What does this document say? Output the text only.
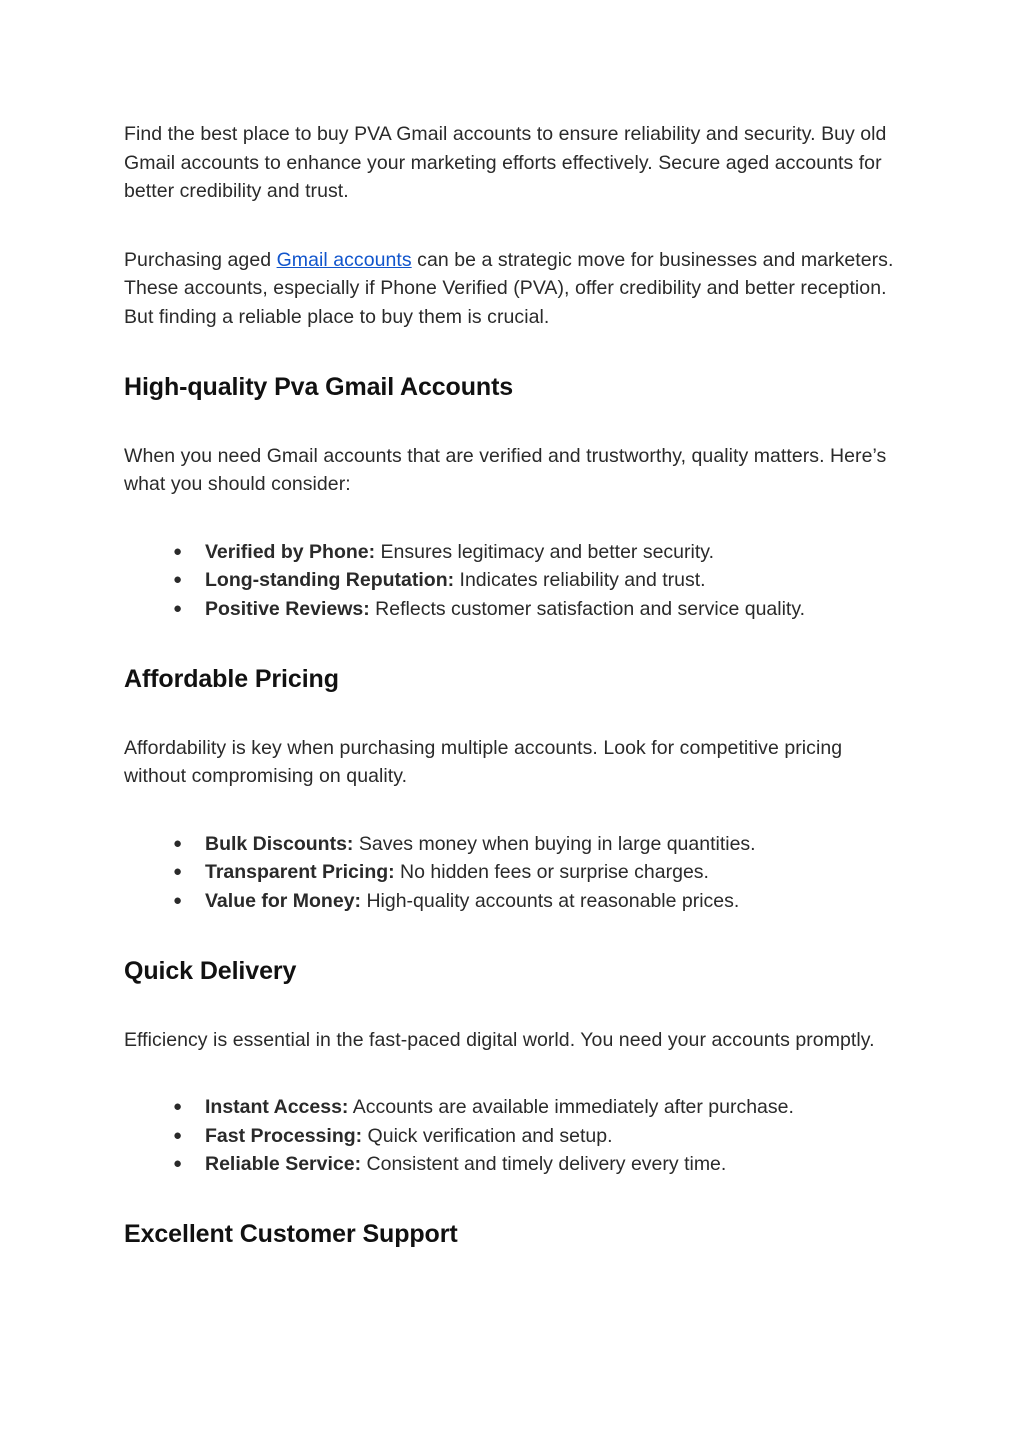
Find the best place to buy PVA Gmail accounts to ensure reliability and security. Buy old Gmail accounts to enhance your marketing efforts effectively. Secure aged accounts for better credibility and trust.

Purchasing aged Gmail accounts can be a strategic move for businesses and marketers. These accounts, especially if Phone Verified (PVA), offer credibility and better reception. But finding a reliable place to buy them is crucial.

High-quality Pva Gmail Accounts

When you need Gmail accounts that are verified and trustworthy, quality matters. Here’s what you should consider:

● Verified by Phone: Ensures legitimacy and better security.
● Long-standing Reputation: Indicates reliability and trust.
● Positive Reviews: Reflects customer satisfaction and service quality.
Affordable Pricing

Affordability is key when purchasing multiple accounts. Look for competitive pricing without compromising on quality.

● Bulk Discounts: Saves money when buying in large quantities.
● Transparent Pricing: No hidden fees or surprise charges.
● Value for Money: High-quality accounts at reasonable prices.
Quick Delivery

Efficiency is essential in the fast-paced digital world. You need your accounts promptly.

● Instant Access: Accounts are available immediately after purchase.
● Fast Processing: Quick verification and setup.
● Reliable Service: Consistent and timely delivery every time.
Excellent Customer Support
